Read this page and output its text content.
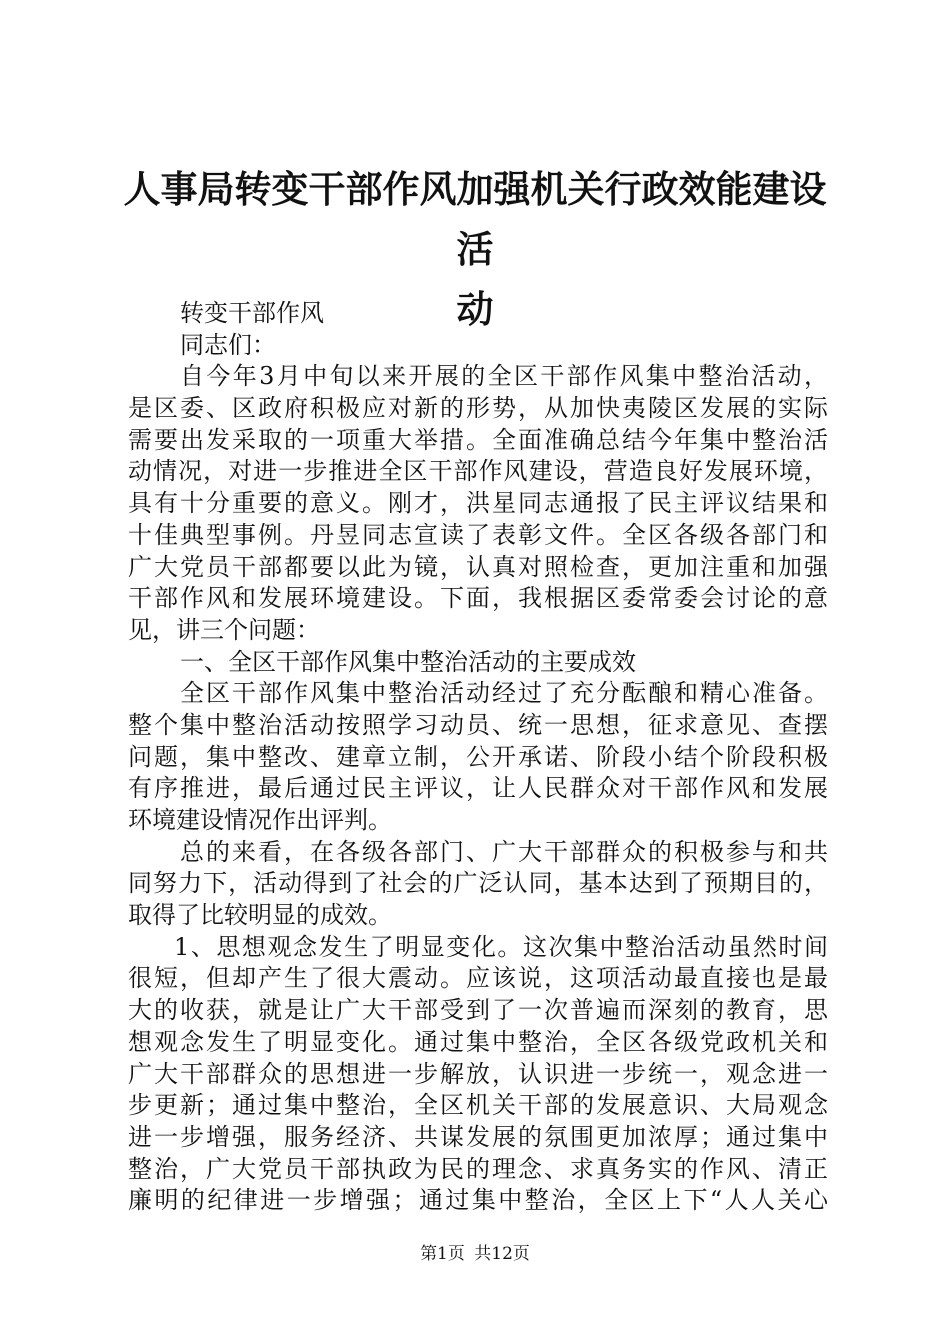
人事局转变干部作风加强机关行政效能建设活
动
转变干部作风
同志们：
自今年3月中旬以来开展的全区干部作风集中整治活动，
是区委、区政府积极应对新的形势，从加快夷陵区发展的实际
需要出发采取的一项重大举措。全面准确总结今年集中整治活
动情况，对进一步推进全区干部作风建设，营造良好发展环境，
具有十分重要的意义。刚才，洪星同志通报了民主评议结果和
十佳典型事例。丹昱同志宣读了表彰文件。全区各级各部门和
广大党员干部都要以此为镜，认真对照检查，更加注重和加强
干部作风和发展环境建设。下面，我根据区委常委会讨论的意
见，讲三个问题：
一、全区干部作风集中整治活动的主要成效
全区干部作风集中整治活动经过了充分酝酿和精心准备。
整个集中整治活动按照学习动员、统一思想，征求意见、查摆
问题，集中整改、建章立制，公开承诺、阶段小结个阶段积极
有序推进，最后通过民主评议，让人民群众对干部作风和发展
环境建设情况作出评判。
总的来看，在各级各部门、广大干部群众的积极参与和共
同努力下，活动得到了社会的广泛认同，基本达到了预期目的，
取得了比较明显的成效。
1、思想观念发生了明显变化。这次集中整治活动虽然时间
很短，但却产生了很大震动。应该说，这项活动最直接也是最
大的收获，就是让广大干部受到了一次普遍而深刻的教育，思
想观念发生了明显变化。通过集中整治，全区各级党政机关和
广大干部群众的思想进一步解放，认识进一步统一，观念进一
步更新；通过集中整治，全区机关干部的发展意识、大局观念
进一步增强，服务经济、共谋发展的氛围更加浓厚；通过集中
整治，广大党员干部执政为民的理念、求真务实的作风、清正
廉明的纪律进一步增强；通过集中整治，全区上下“人人关心
第1页 共12页
